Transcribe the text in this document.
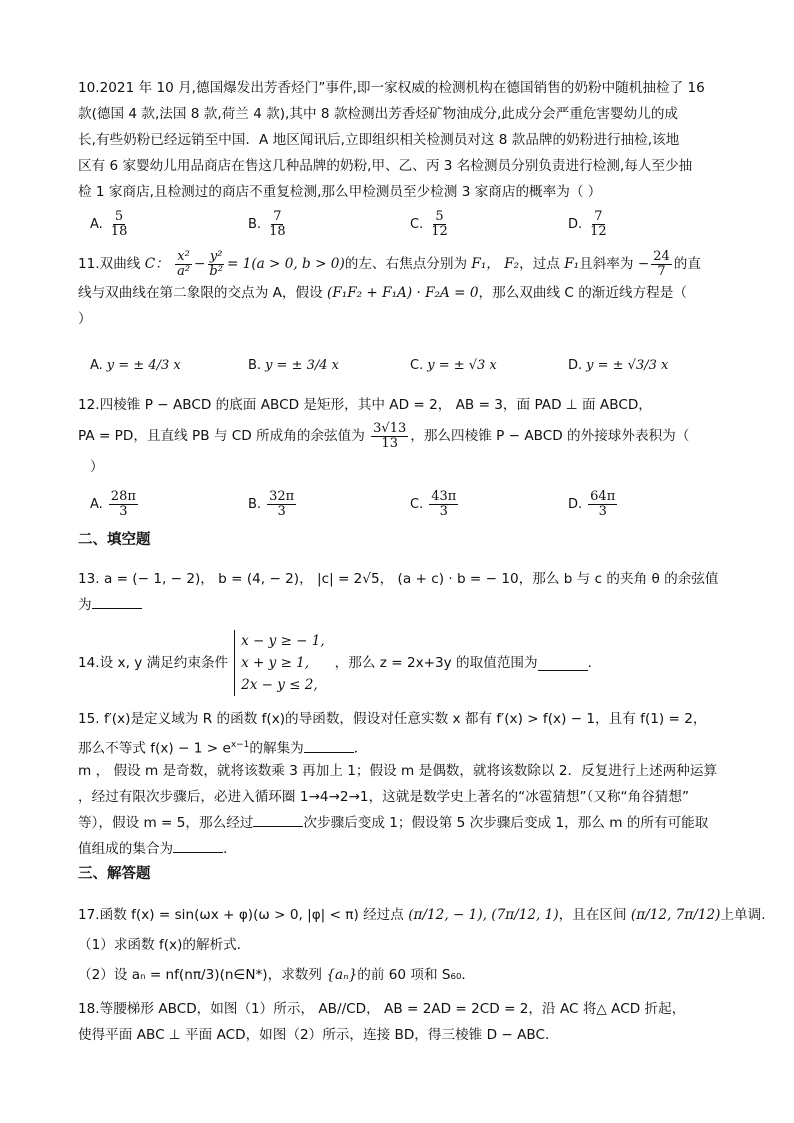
10.2021 年 10 月,德国爆发出芳香烃门”事件,即一家权威的检测机构在德国销售的奶粉中随机抽检了 16
款(德国 4 款,法国 8 款,荷兰 4 款),其中 8 款检测出芳香烃矿物油成分,此成分会严重危害婴幼儿的成
长,有些奶粉已经远销至中国．A 地区闻讯后,立即组织相关检测员对这 8 款品牌的奶粉进行抽检,该地
区有 6 家婴幼儿用品商店在售这几种品牌的奶粉,甲、乙、丙 3 名检测员分别负责进行检测,每人至少抽
检 1 家商店,且检测过的商店不重复检测,那么甲检测员至少检测 3 家商店的概率为（ ）
A. $\frac{5}{18}$	B. $\frac{7}{18}$	C. $\frac{5}{12}$	D. $\frac{7}{12}$
11.双曲线 C： $\frac{\text{x²}}{\text{a²}} - \frac{\text{y²}}{\text{b²}} = 1(a > 0$, b > 0)的左、右焦点分别为 F₁， F₂，过点 F₁且斜率为 − $\frac{24}{7}$ 的直
线与双曲线在第二象限的交点为 A，假设 (F₁F₂ + F₁A) · F₂A = 0，那么双曲线 C 的渐近线方程是（
）
A. y = ± 4/3 x	B. y = ± 3/4 x	C. y = ± √3 x	D. y = ± √3/3 x
12.四棱锥 P − ABCD 的底面 ABCD 是矩形，其中 AD = 2， AB = 3，面 PAD ⊥ 面 ABCD，
PA = PD，且直线 PB 与 CD 所成角的余弦值为 $\frac{3√13}{13}$ ，那么四棱锥 P − ABCD 的外接球外表积为（
）
A. $\frac{28\pi}{3}$	B. $\frac{32\pi}{3}$	C. $\frac{43\pi}{3}$	D. $\frac{64\pi}{3}$
二、填空题
13. a = (− 1, − 2)， b = (4, − 2)， |c| = 2√5， (a + c) · b = − 10，那么 b 与 c 的夹角 θ 的余弦值
为
14.设 x, y 满足约束条件
x − y ≥ − 1,
x + y ≥ 1,
2x − y ≤ 2,
，那么 z = 2x+3y 的取值范围为	．
15. f′(x)是定义域为 R 的函数 f(x)的导函数，假设对任意实数 x 都有 f′(x) > f(x) − 1，且有 f(1) = 2，
那么不等式 $f(x) - 1 > e^{x-1}$的解集为	．
m ， 假设 m 是奇数，就将该数乘 3 再加上 1；假设 m 是偶数，就将该数除以 2．反复进行上述两种运算
，经过有限次步骤后，必进入循环圈 1→4→2→1，这就是数学史上著名的“冰雹猜想”（又称“角谷猜想”
等），假设 m = 5，那么经过	次步骤后变成 1；假设第 5 次步骤后变成 1，那么 m 的所有可能取
值组成的集合为	．
三、解答题
17.函数 f(x) = sin(ωx + φ)(ω > 0, |φ| < π) 经过点 (π/12, − 1), (7π/12, 1)，且在区间 (π/12, 7π/12)上单调．
（1）求函数 f(x)的解析式．
（2）设 aₙ = nf(nπ/3)(n∈N*)，求数列 {aₙ}的前 60 项和 S₆₀．
18.等腰梯形 ABCD，如图（1）所示， AB//CD， AB = 2AD = 2CD = 2，沿 AC 将△ ACD 折起，
使得平面 ABC ⊥ 平面 ACD，如图（2）所示，连接 BD，得三棱锥 D − ABC．
